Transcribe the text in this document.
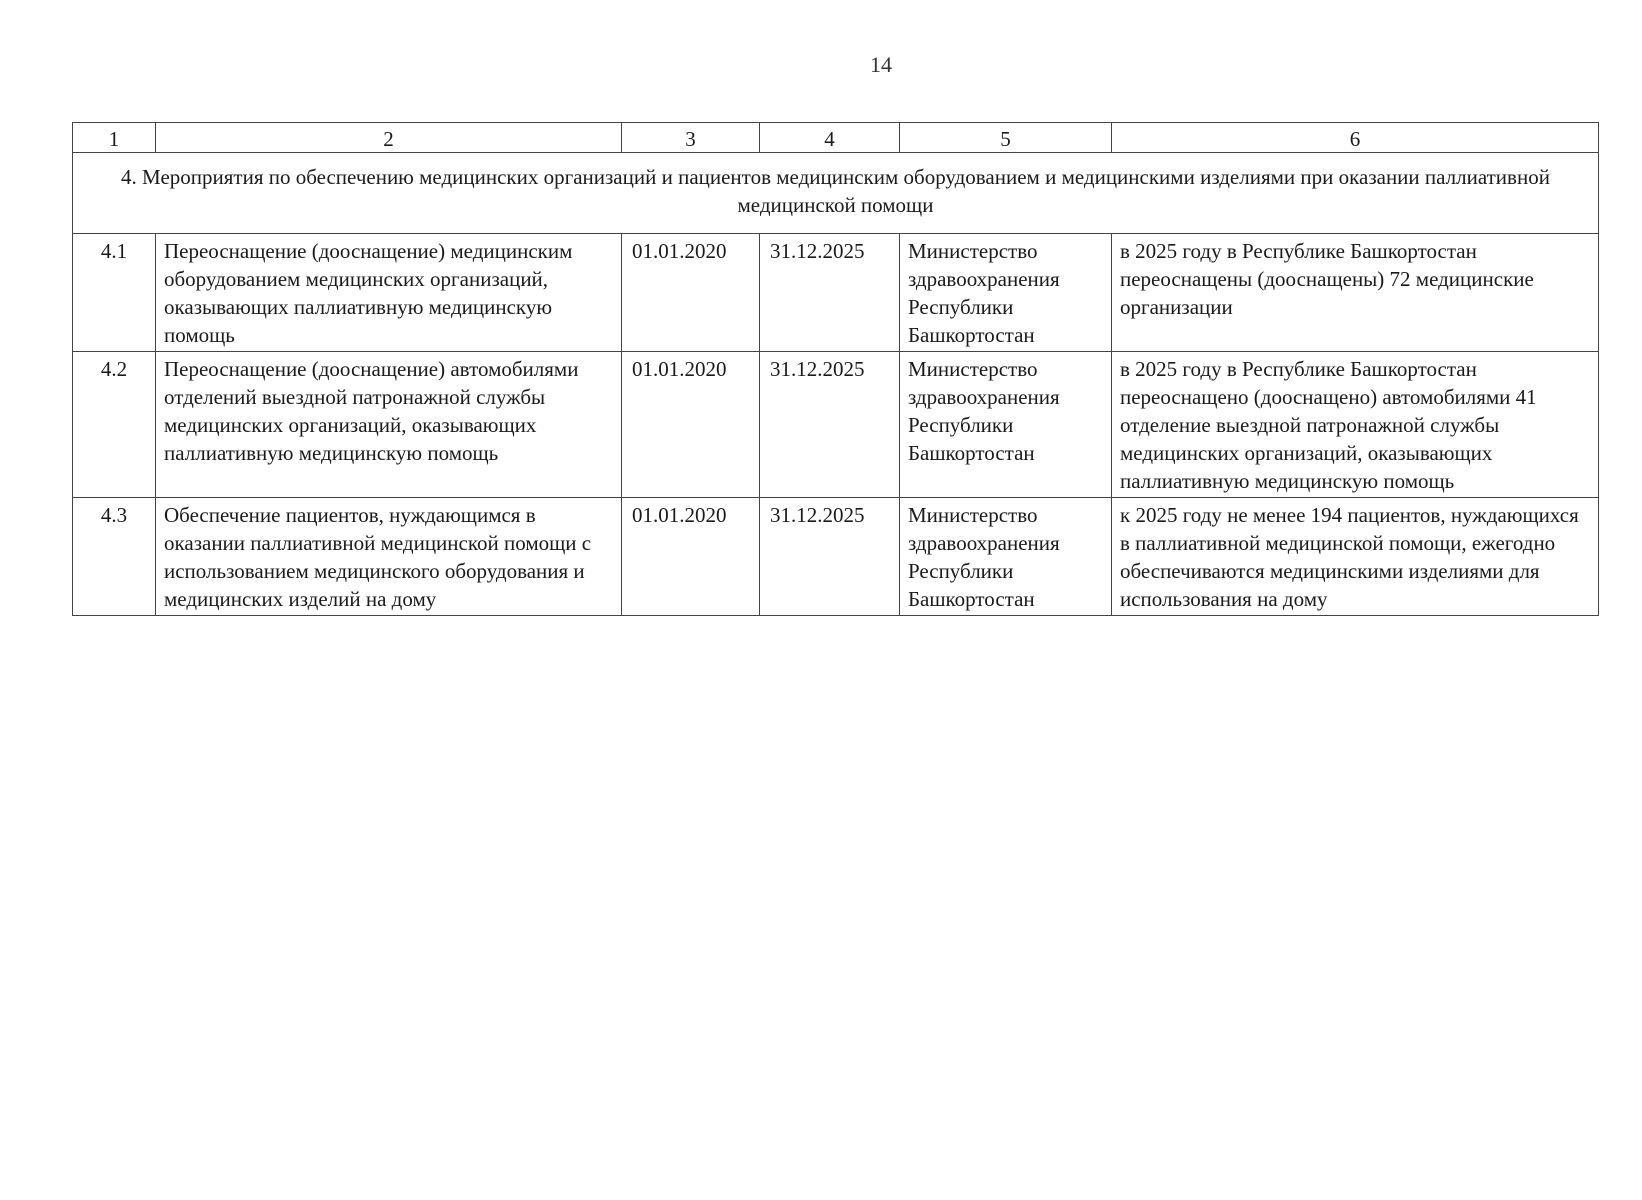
14
1	2	3	4	5	6
4. Мероприятия по обеспечению медицинских организаций и пациентов медицинским оборудованием и медицинскими изделиями при оказании паллиативной медицинской помощи					
4.1	Переоснащение (дооснащение) медицинским оборудованием медицинских организаций, оказывающих паллиативную медицинскую помощь	01.01.2020	31.12.2025	Министерство здравоохранения Республики Башкортостан	в 2025 году в Республике Башкортостан переоснащены (дооснащены) 72 медицинские организации
4.2	Переоснащение (дооснащение) автомобилями отделений выездной патронажной службы медицинских организаций, оказывающих паллиативную медицинскую помощь	01.01.2020	31.12.2025	Министерство здравоохранения Республики Башкортостан	в 2025 году в Республике Башкортостан переоснащено (дооснащено) автомобилями 41 отделение выездной патронажной службы медицинских организаций, оказывающих паллиативную медицинскую помощь
4.3	Обеспечение пациентов, нуждающимся в оказании паллиативной медицинской помощи с использованием медицинского оборудования и медицинских изделий на дому	01.01.2020	31.12.2025	Министерство здравоохранения Республики Башкортостан	к 2025 году не менее 194 пациентов, нуждающихся в паллиативной медицинской помощи, ежегодно обеспечиваются медицинскими изделиями для использования на дому
